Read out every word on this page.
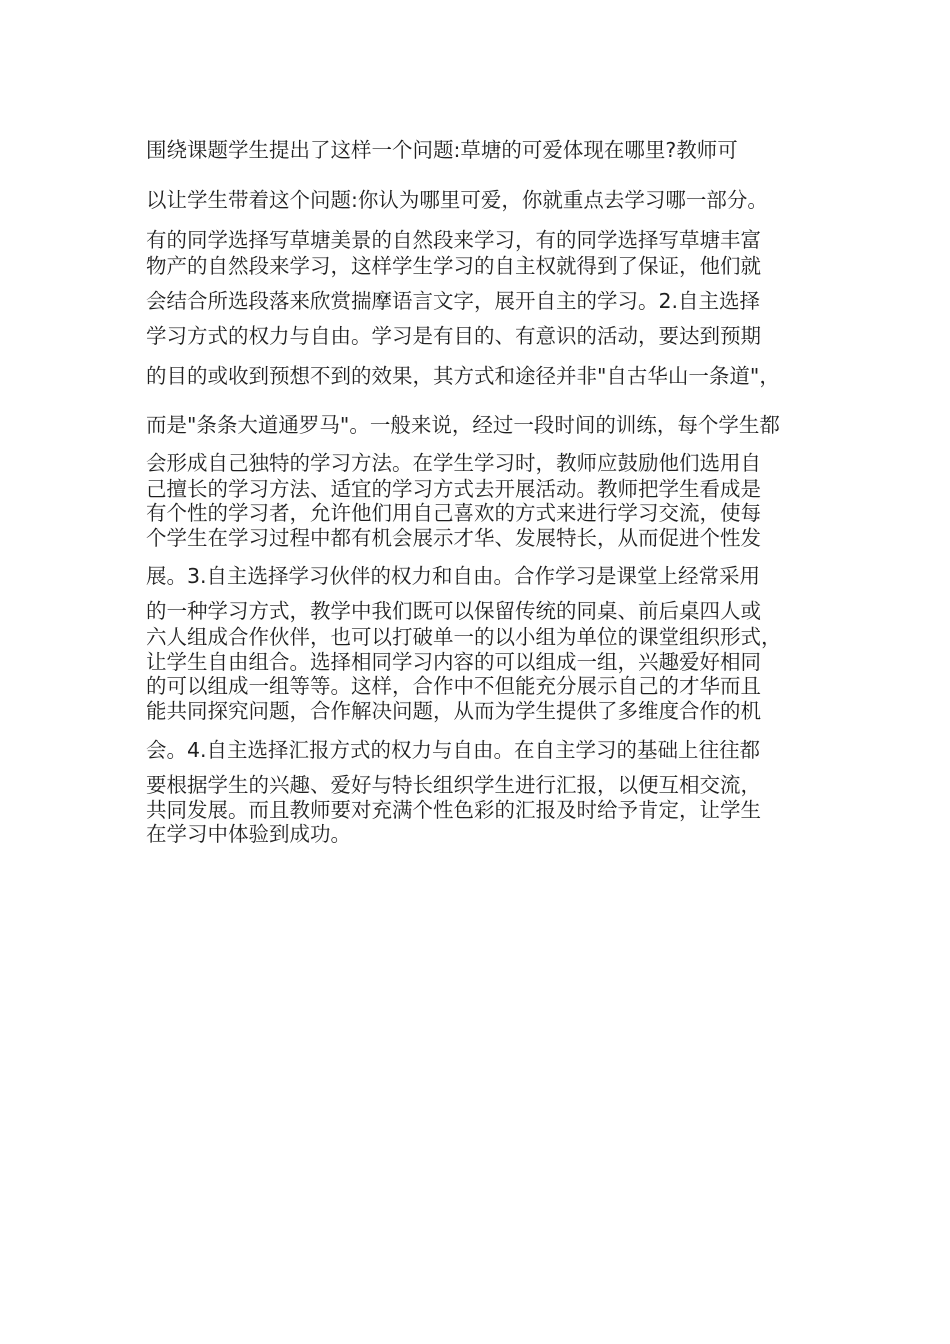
围绕课题学生提出了这样一个问题:草塘的可爱体现在哪里?教师可
以让学生带着这个问题:你认为哪里可爱，你就重点去学习哪一部分。
有的同学选择写草塘美景的自然段来学习，有的同学选择写草塘丰富
物产的自然段来学习，这样学生学习的自主权就得到了保证，他们就
会结合所选段落来欣赏揣摩语言文字，展开自主的学习。2.自主选择
学习方式的权力与自由。学习是有目的、有意识的活动，要达到预期
的目的或收到预想不到的效果，其方式和途径并非"自古华山一条道"，
而是"条条大道通罗马"。一般来说，经过一段时间的训练，每个学生都
会形成自己独特的学习方法。在学生学习时，教师应鼓励他们选用自
己擅长的学习方法、适宜的学习方式去开展活动。教师把学生看成是
有个性的学习者，允许他们用自己喜欢的方式来进行学习交流，使每
个学生在学习过程中都有机会展示才华、发展特长，从而促进个性发
展。3.自主选择学习伙伴的权力和自由。合作学习是课堂上经常采用
的一种学习方式，教学中我们既可以保留传统的同桌、前后桌四人或
六人组成合作伙伴，也可以打破单一的以小组为单位的课堂组织形式，
让学生自由组合。选择相同学习内容的可以组成一组，兴趣爱好相同
的可以组成一组等等。这样，合作中不但能充分展示自己的才华而且
能共同探究问题，合作解决问题，从而为学生提供了多维度合作的机
会。4.自主选择汇报方式的权力与自由。在自主学习的基础上往往都
要根据学生的兴趣、爱好与特长组织学生进行汇报，以便互相交流，
共同发展。而且教师要对充满个性色彩的汇报及时给予肯定，让学生
在学习中体验到成功。
